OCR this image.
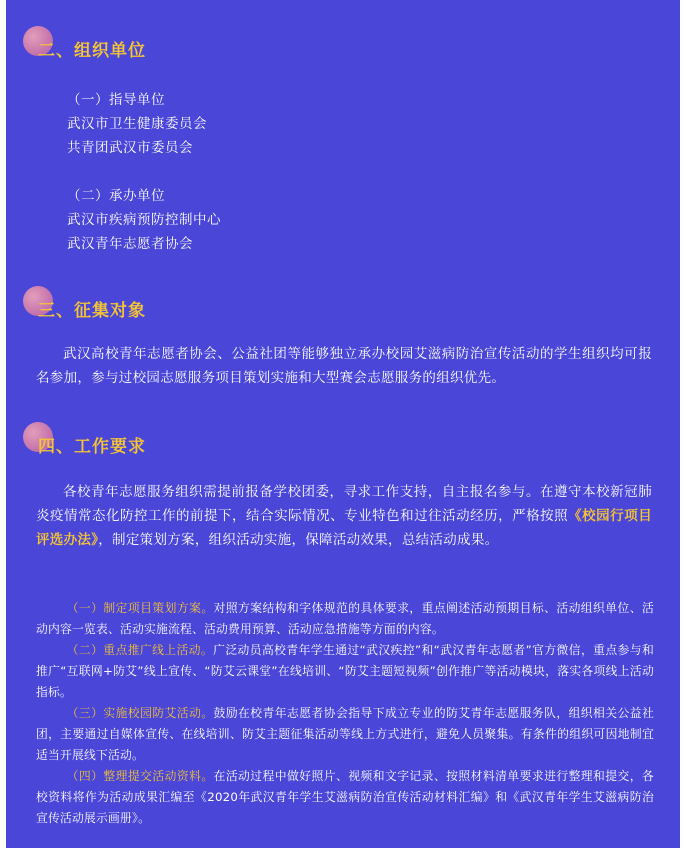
二、组织单位
（一）指导单位
武汉市卫生健康委员会
共青团武汉市委员会
（二）承办单位
武汉市疾病预防控制中心
武汉青年志愿者协会
三、征集对象
武汉高校青年志愿者协会、公益社团等能够独立承办校园艾滋病防治宣传活动的学生组织均可报名参加，参与过校园志愿服务项目策划实施和大型赛会志愿服务的组织优先。
四、工作要求
各校青年志愿服务组织需提前报备学校团委，寻求工作支持，自主报名参与。在遵守本校新冠肺炎疫情常态化防控工作的前提下，结合实际情况、专业特色和过往活动经历，严格按照《校园行项目评选办法》，制定策划方案，组织活动实施，保障活动效果，总结活动成果。
（一）制定项目策划方案。对照方案结构和字体规范的具体要求，重点阐述活动预期目标、活动组织单位、活动内容一览表、活动实施流程、活动费用预算、活动应急措施等方面的内容。
（二）重点推广线上活动。广泛动员高校青年学生通过“武汉疾控”和“武汉青年志愿者”官方微信，重点参与和推广“互联网+防艾”线上宣传、“防艾云课堂”在线培训、“防艾主题短视频”创作推广等活动模块，落实各项线上活动指标。
（三）实施校园防艾活动。鼓励在校青年志愿者协会指导下成立专业的防艾青年志愿服务队，组织相关公益社团，主要通过自媒体宣传、在线培训、防艾主题征集活动等线上方式进行，避免人员聚集。有条件的组织可因地制宜适当开展线下活动。
（四）整理提交活动资料。在活动过程中做好照片、视频和文字记录、按照材料清单要求进行整理和提交，各校资料将作为活动成果汇编至《2020年武汉青年学生艾滋病防治宣传活动材料汇编》和《武汉青年学生艾滋病防治宣传活动展示画册》。
